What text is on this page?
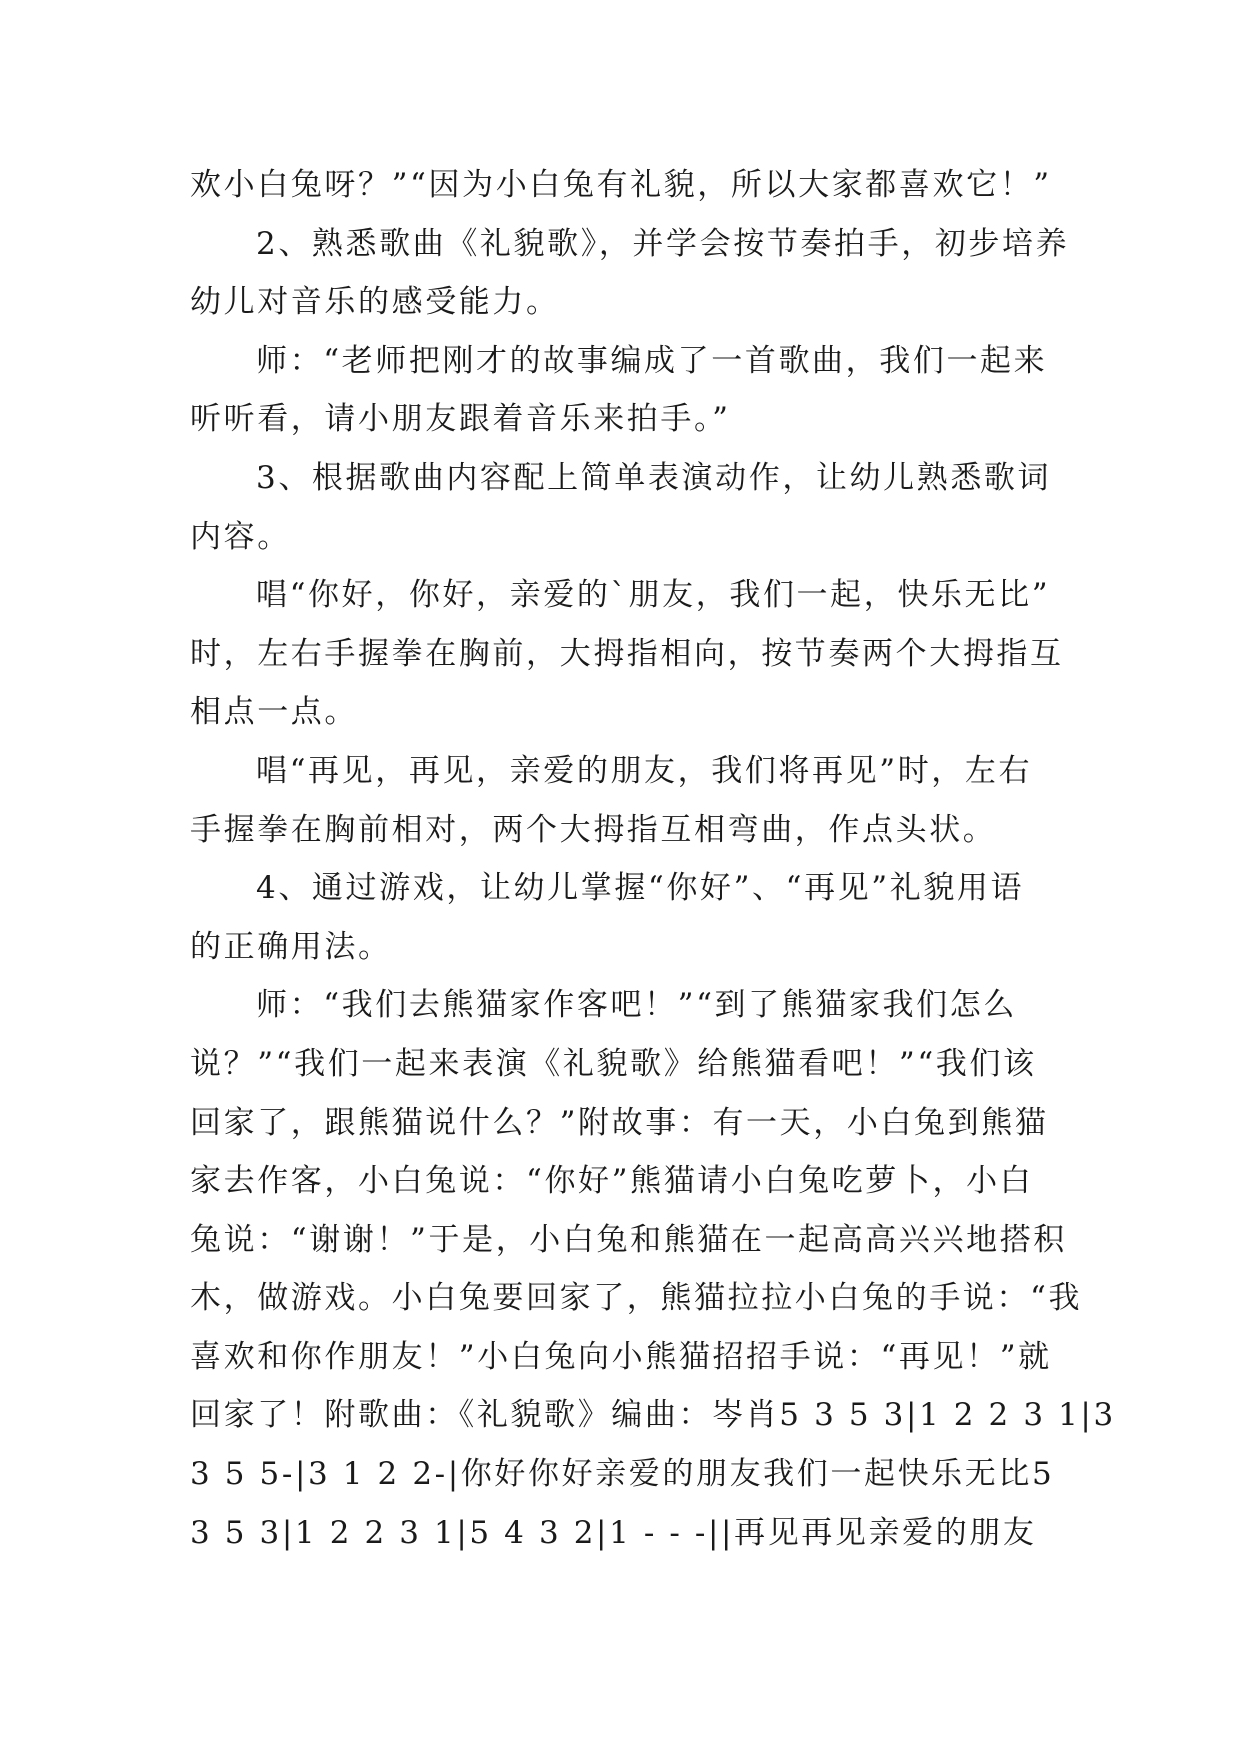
欢小白兔呀？”“因为小白兔有礼貌，所以大家都喜欢它！”
2、熟悉歌曲《礼貌歌》，并学会按节奏拍手，初步培养
幼儿对音乐的感受能力。
师：“老师把刚才的故事编成了一首歌曲，我们一起来
听听看，请小朋友跟着音乐来拍手。”
3、根据歌曲内容配上简单表演动作，让幼儿熟悉歌词
内容。
唱“你好，你好，亲爱的`朋友，我们一起，快乐无比”
时，左右手握拳在胸前，大拇指相向，按节奏两个大拇指互
相点一点。
唱“再见，再见，亲爱的朋友，我们将再见”时，左右
手握拳在胸前相对，两个大拇指互相弯曲，作点头状。
4、通过游戏，让幼儿掌握“你好”、“再见”礼貌用语
的正确用法。
师：“我们去熊猫家作客吧！”“到了熊猫家我们怎么
说？”“我们一起来表演《礼貌歌》给熊猫看吧！”“我们该
回家了，跟熊猫说什么？”附故事：有一天，小白兔到熊猫
家去作客，小白兔说：“你好”熊猫请小白兔吃萝卜，小白
兔说：“谢谢！”于是，小白兔和熊猫在一起高高兴兴地搭积
木，做游戏。小白兔要回家了，熊猫拉拉小白兔的手说：“我
喜欢和你作朋友！”小白兔向小熊猫招招手说：“再见！”就
回家了！附歌曲：《礼貌歌》编曲：岑肖5 3 5 3|1 2 2 3 1|3
3 5 5-|3 1 2 2-|你好你好亲爱的朋友我们一起快乐无比5
3 5 3|1 2 2 3 1|5 4 3 2|1 - - -||再见再见亲爱的朋友
